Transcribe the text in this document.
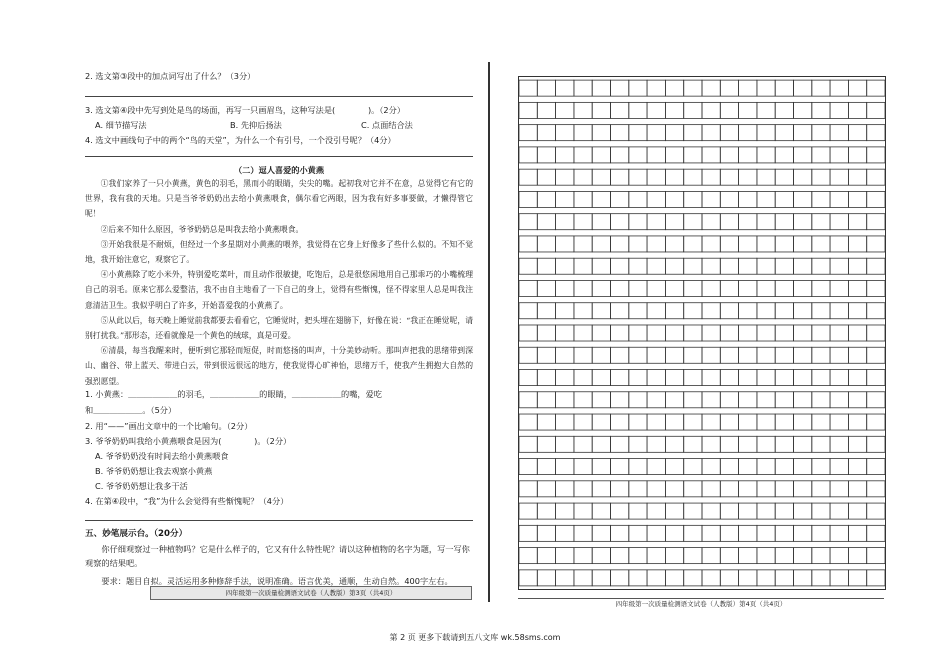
2. 选文第③段中的加点词写出了什么？（3分）
3. 选文第④段中先写到处是鸟的场面，再写一只画眉鸟，这种写法是(　　　　)。（2分）
A. 细节描写法	B. 先抑后扬法	C. 点面结合法
4. 选文中画线句子中的两个“鸟的天堂”，为什么一个有引号，一个没引号呢？（4分）
（二）逗人喜爱的小黄燕

①我们家养了一只小黄燕，黄色的羽毛，黑而小的眼睛，尖尖的嘴。起初我对它并不在意，总觉得它有它的世界，我有我的天地。只是当爷爷奶奶出去给小黄燕喂食，偶尔看它两眼，因为我有好多事要做，才懒得管它呢！

②后来不知什么原因，爷爷奶奶总是叫我去给小黄燕喂食。

③开始我很是不耐烦，但经过一个多星期对小黄燕的喂养，我觉得在它身上好像多了些什么似的。不知不觉地，我开始注意它，观察它了。

④小黄燕除了吃小米外，特别爱吃菜叶，而且动作很敏捷，吃饱后，总是很悠闲地用自己那乖巧的小嘴梳理自己的羽毛。原来它那么爱整洁，我不由自主地看了一下自己的身上，觉得有些惭愧，怪不得家里人总是叫我注意清洁卫生。我似乎明白了许多，开始喜爱我的小黄燕了。

⑤从此以后，每天晚上睡觉前我都要去看看它，它睡觉时，把头埋在翅膀下，好像在说：“我正在睡觉呢，请别打扰我。”那形态，还看就像是一个黄色的绒球，真是可爱。

⑥清晨，每当我醒来时，便听到它那轻而短促，时而悠扬的叫声，十分美妙动听。那叫声把我的思绪带到深山、幽谷、带上蓝天、带进白云，带到很远很远的地方，使我觉得心旷神怡，思绪万千，使我产生拥抱大自然的强烈愿望。

1. 小黄燕：＿＿＿＿＿＿的羽毛，＿＿＿＿＿＿的眼睛，＿＿＿＿＿＿的嘴，爱吃
和＿＿＿＿＿＿。（5分）
2. 用“——”画出文章中的一个比喻句。（2分）
3. 爷爷奶奶叫我给小黄燕喂食是因为(　　　　)。（2分）
A. 爷爷奶奶没有时间去给小黄燕喂食
B. 爷爷奶奶想让我去观察小黄燕
C. 爷爷奶奶想让我多干活
4. 在第④段中，“我”为什么会觉得有些惭愧呢？（4分）
五、妙笔展示台。（20分）

你仔细观察过一种植物吗？它是什么样子的，它又有什么特性呢？请以这种植物的名字为题，写一写你观察的结果吧。

要求：题目自拟。灵活运用多种修辞手法，说明准确。语言优美，通顺，生动自然。400字左右。

四年级第一次质量检测语文试卷（人教版）第3页（共4页）
四年级第一次质量检测语文试卷（人教版）第4页（共4页）
第 2 页 更多下载请到五八文库 wk.58sms.com
